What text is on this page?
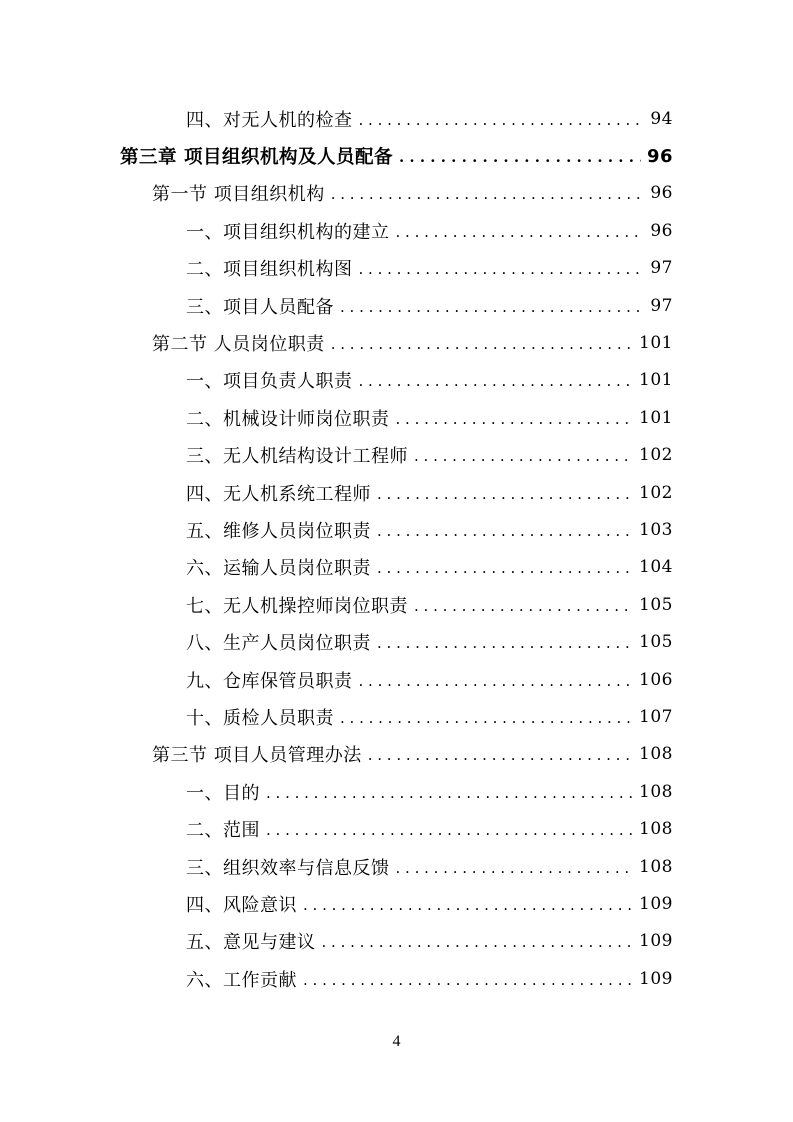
四、对无人机的检查 . . .	94
第三章 项目组织机构及人员配备 . . .	96
第一节 项目组织机构 . . .	96
一、项目组织机构的建立 . . .	96
二、项目组织机构图 . . .	97
三、项目人员配备 . . .	97
第二节 人员岗位职责 . . .	101
一、项目负责人职责 . . .	101
二、机械设计师岗位职责 . . .	101
三、无人机结构设计工程师 . . .	102
四、无人机系统工程师 . . .	102
五、维修人员岗位职责 . . .	103
六、运输人员岗位职责 . . .	104
七、无人机操控师岗位职责 . . .	105
八、生产人员岗位职责 . . .	105
九、仓库保管员职责 . . .	106
十、质检人员职责 . . .	107
第三节 项目人员管理办法 . . .	108
一、目的 . . .	108
二、范围 . . .	108
三、组织效率与信息反馈 . . .	108
四、风险意识 . . .	109
五、意见与建议 . . .	109
六、工作贡献 . . .	109
4
